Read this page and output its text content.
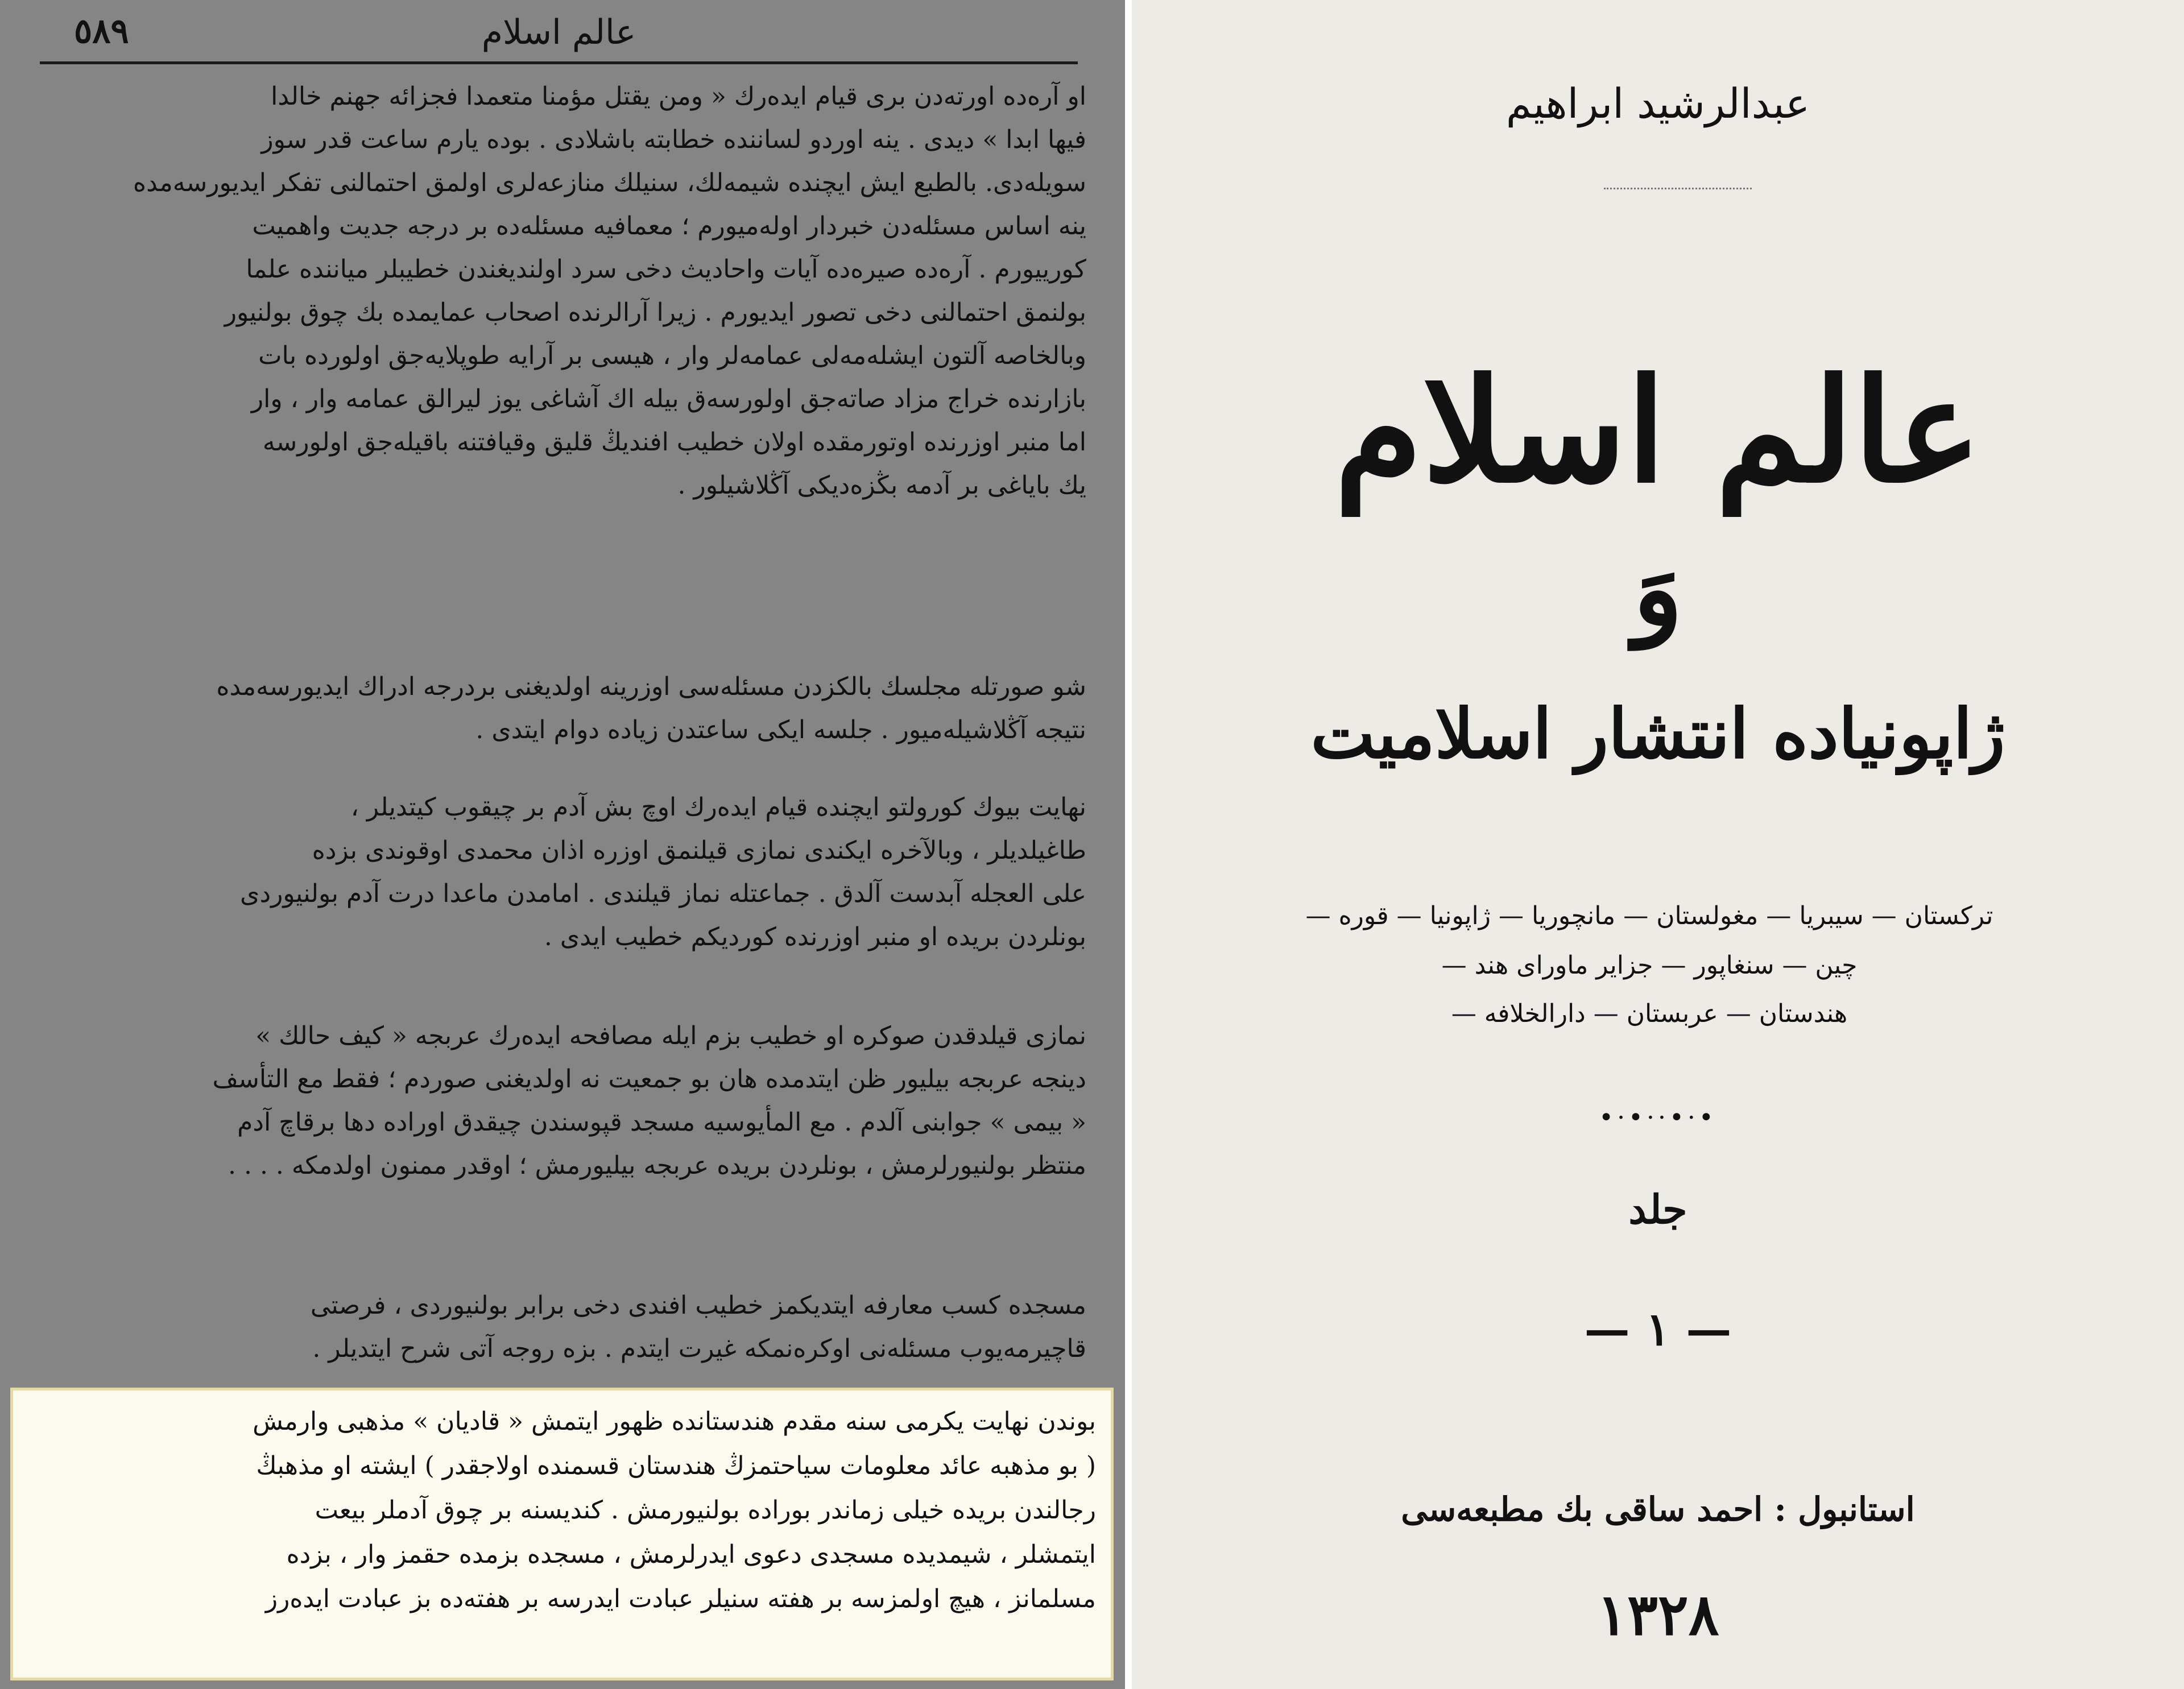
٥٨٩	عالم اسلام
او آرەدە اورتەدن برى قيام ايدەرك « ومن يقتل مؤمنا متعمدا فجزائه جهنم خالدا
فيها ابدا » ديدى . ينه اوردو لسانندە خطابته باشلادى . بودە يارم ساعت قدر سوز
سويلەدى. بالطبع ايش ايچندە شيمەلك، سنيلك منازعەلرى اولمق احتمالنى تفكر ايديورسەمدە
ينه اساس مسئلەدن خبردار اولەميورم ؛ معمافيه مسئلەدە بر درجه جديت واهميت
كورييورم . آرەدە صيرەدە آيات واحاديث دخى سرد اولنديغندن خطيبلر ميانندە علما
بولنمق احتمالنى دخى تصور ايديورم . زيرا آرالرندە اصحاب عمايمدە بك چوق بولنيور
وبالخاصه آلتون ايشلەمەلى عمامەلر وار ، هيسى بر آرايه طوپلايەجق اولوردە بات
بازارندە خراج مزاد صاتەجق اولورسەق بيله اك آشاغى يوز ليرالق عمامه وار ، وار
اما منبر اوزرندە اوتورمقدە اولان خطيب افنديڭ قليق وقيافتنه باقيلەجق اولورسه
يك باياغى بر آدمه بڭزەديكى آڭلاشيلور .
شو صورتله مجلسك بالكزدن مسئلەسى اوزرينه اولديغنى بردرجه ادراك ايديورسەمدە
نتيجه آڭلاشيلەميور . جلسه ايكى ساعتدن زيادە دوام ايتدى .
نهايت بيوك كورولتو ايچندە قيام ايدەرك اوچ بش آدم بر چيقوب كيتديلر ،
طاغيلديلر ، وبالآخره ايكندى نمازى قيلنمق اوزرە اذان محمدى اوقوندى بزدە
على العجله آبدست آلدق . جماعتله نماز قيلندى . امامدن ماعدا درت آدم بولنيوردى
بونلردن بريدە او منبر اوزرندە كورديكم خطيب ايدى .
نمازى قيلدقدن صوكرە او خطيب بزم ايله مصافحه ايدەرك عربجه « كيف حالك »
دينجه عربجه بيليور ظن ايتدمدە هان بو جمعيت نه اولديغنى صوردم ؛ فقط مع التأسف
« بيمى » جوابنى آلدم . مع المأيوسيه مسجد قپوسندن چيقدق اورادە دها برقاچ آدم
منتظر بولنيورلرمش ، بونلردن بريدە عربجه بيليورمش ؛ اوقدر ممنون اولدمكه . . . .
مسجدە كسب معارفه ايتديكمز خطيب افندى دخى برابر بولنيوردى ، فرصتى
قاچيرمەيوب مسئلەنى اوكرەنمكه غيرت ايتدم . بزە روجه آتى شرح ايتديلر .
بوندن نهايت يكرمى سنه مقدم هندستاندە ظهور ايتمش « قاديان » مذهبى وارمش
( بو مذهبه عائد معلومات سياحتمزڭ هندستان قسمندە اولاجقدر ) ايشته او مذهبڭ
رجالندن بريدە خيلى زماندر بورادە بولنيورمش . كنديسنه بر چوق آدملر بيعت
ايتمشلر ، شيمديدە مسجدى دعوى ايدرلرمش ، مسجدە بزمدە حقمز وار ، بزدە
مسلمانز ، هيچ اولمزسه بر هفته سنيلر عبادت ايدرسه بر هفتەدە بز عبادت ايدەرز
عبدالرشيد ابراهيم
عالم اسلام
وَ
ژاپونيادە انتشار اسلاميت
تركستان — سيبريا — مغولستان — مانچوريا — ژاپونيا — قورە —
چين — سنغاپور — جزاير ماوراى هند —
هندستان — عربستان — دارالخلافه —
•·•··•·•
جلد
— ١ —
استانبول : احمد ساقى بك مطبعەسى
١٣٢٨
